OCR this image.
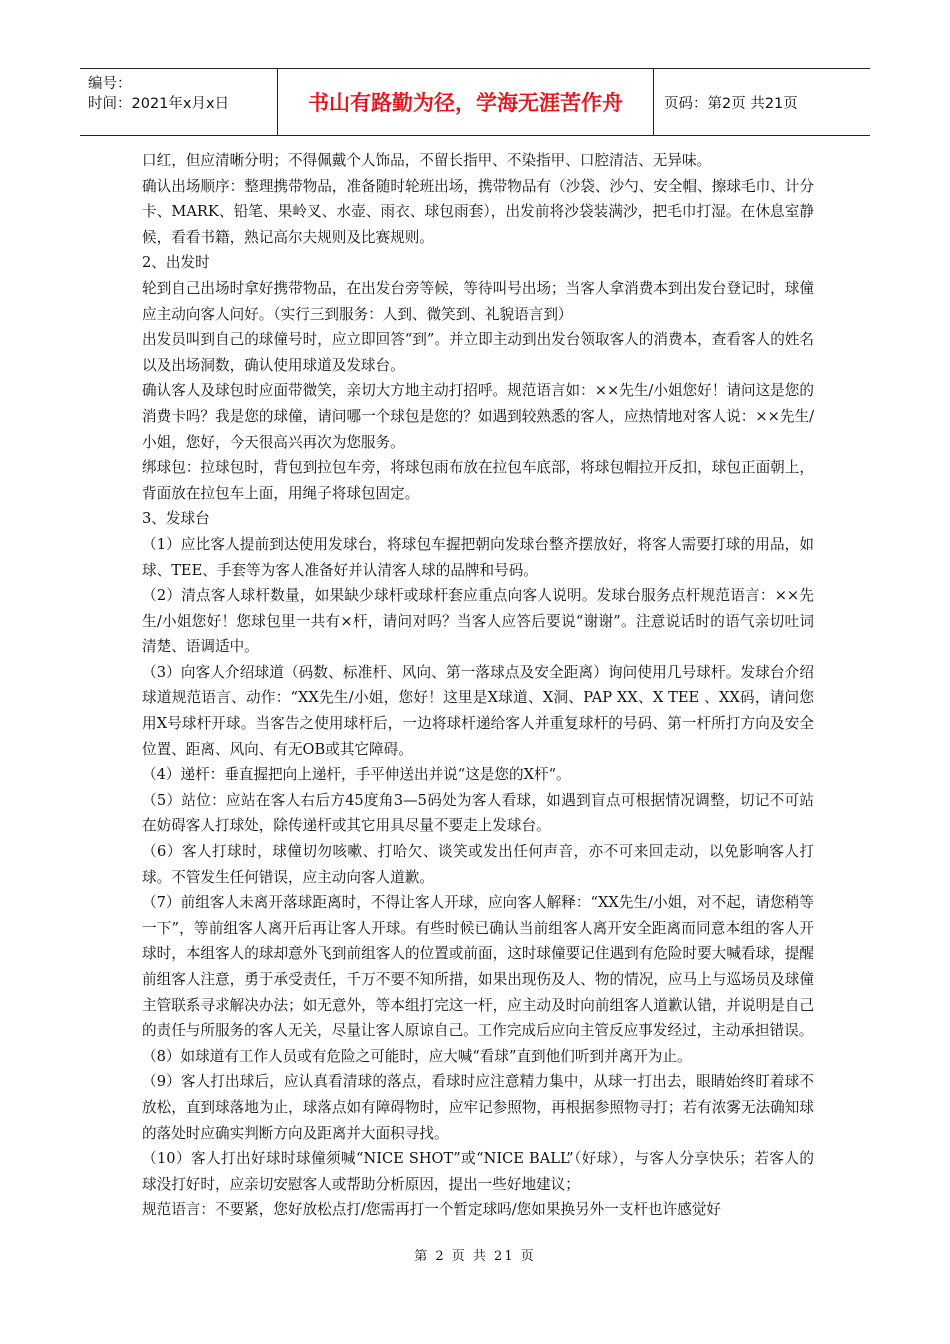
编号：
时间：2021年x月x日	书山有路勤为径，学海无涯苦作舟	页码：第2页 共21页

口红，但应清晰分明；不得佩戴个人饰品，不留长指甲、不染指甲、口腔清洁、无异味。

确认出场顺序：整理携带物品，准备随时轮班出场，携带物品有（沙袋、沙勺、安全帽、擦球毛巾、计分卡、MARK、铅笔、果岭叉、水壶、雨衣、球包雨套），出发前将沙袋装满沙，把毛巾打湿。在休息室静候，看看书籍，熟记高尔夫规则及比赛规则。

2、出发时

轮到自己出场时拿好携带物品，在出发台旁等候，等待叫号出场；当客人拿消费本到出发台登记时，球僮应主动向客人问好。（实行三到服务：人到、微笑到、礼貌语言到）

出发员叫到自己的球僮号时，应立即回答“到”。并立即主动到出发台领取客人的消费本，查看客人的姓名以及出场洞数，确认使用球道及发球台。

确认客人及球包时应面带微笑，亲切大方地主动打招呼。规范语言如：××先生/小姐您好！请问这是您的消费卡吗？我是您的球僮，请问哪一个球包是您的？如遇到较熟悉的客人，应热情地对客人说：××先生/小姐，您好，今天很高兴再次为您服务。

绑球包：拉球包时，背包到拉包车旁，将球包雨布放在拉包车底部，将球包帽拉开反扣，球包正面朝上，背面放在拉包车上面，用绳子将球包固定。

3、发球台

（1）应比客人提前到达使用发球台，将球包车握把朝向发球台整齐摆放好，将客人需要打球的用品，如球、TEE、手套等为客人准备好并认清客人球的品牌和号码。

（2）清点客人球杆数量，如果缺少球杆或球杆套应重点向客人说明。发球台服务点杆规范语言：××先生/小姐您好！您球包里一共有×杆，请问对吗？当客人应答后要说“谢谢”。注意说话时的语气亲切吐词清楚、语调适中。

（3）向客人介绍球道（码数、标准杆、风向、第一落球点及安全距离）询问使用几号球杆。发球台介绍球道规范语言、动作：“XX先生/小姐，您好！这里是X球道、X洞、PAP XX、X TEE 、XX码，请问您用X号球杆开球。当客告之使用球杆后，一边将球杆递给客人并重复球杆的号码、第一杆所打方向及安全位置、距离、风向、有无OB或其它障碍。

（4）递杆：垂直握把向上递杆，手平伸送出并说“这是您的X杆“。

（5）站位：应站在客人右后方45度角3—5码处为客人看球，如遇到盲点可根据情况调整，切记不可站在妨碍客人打球处，除传递杆或其它用具尽量不要走上发球台。

（6）客人打球时，球僮切勿咳嗽、打哈欠、谈笑或发出任何声音，亦不可来回走动，以免影响客人打球。不管发生任何错误，应主动向客人道歉。

（7）前组客人未离开落球距离时，不得让客人开球，应向客人解释：“XX先生/小姐，对不起，请您稍等一下”，等前组客人离开后再让客人开球。有些时候已确认当前组客人离开安全距离而同意本组的客人开球时，本组客人的球却意外飞到前组客人的位置或前面，这时球僮要记住遇到有危险时要大喊看球，提醒前组客人注意，勇于承受责任，千万不要不知所措，如果出现伤及人、物的情况，应马上与巡场员及球僮主管联系寻求解决办法；如无意外，等本组打完这一杆，应主动及时向前组客人道歉认错，并说明是自己的责任与所服务的客人无关，尽量让客人原谅自己。工作完成后应向主管反应事发经过，主动承担错误。

（8）如球道有工作人员或有危险之可能时，应大喊“看球”直到他们听到并离开为止。

（9）客人打出球后，应认真看清球的落点，看球时应注意精力集中，从球一打出去，眼睛始终盯着球不放松，直到球落地为止，球落点如有障碍物时，应牢记参照物，再根据参照物寻打；若有浓雾无法确知球的落处时应确实判断方向及距离并大面积寻找。

（10）客人打出好球时球僮须喊“NICE SHOT”或“NICE BALL”（好球），与客人分享快乐；若客人的球没打好时，应亲切安慰客人或帮助分析原因，提出一些好地建议；

规范语言：不要紧，您好放松点打/您需再打一个暂定球吗/您如果换另外一支杆也许感觉好

第 2 页 共 21 页
